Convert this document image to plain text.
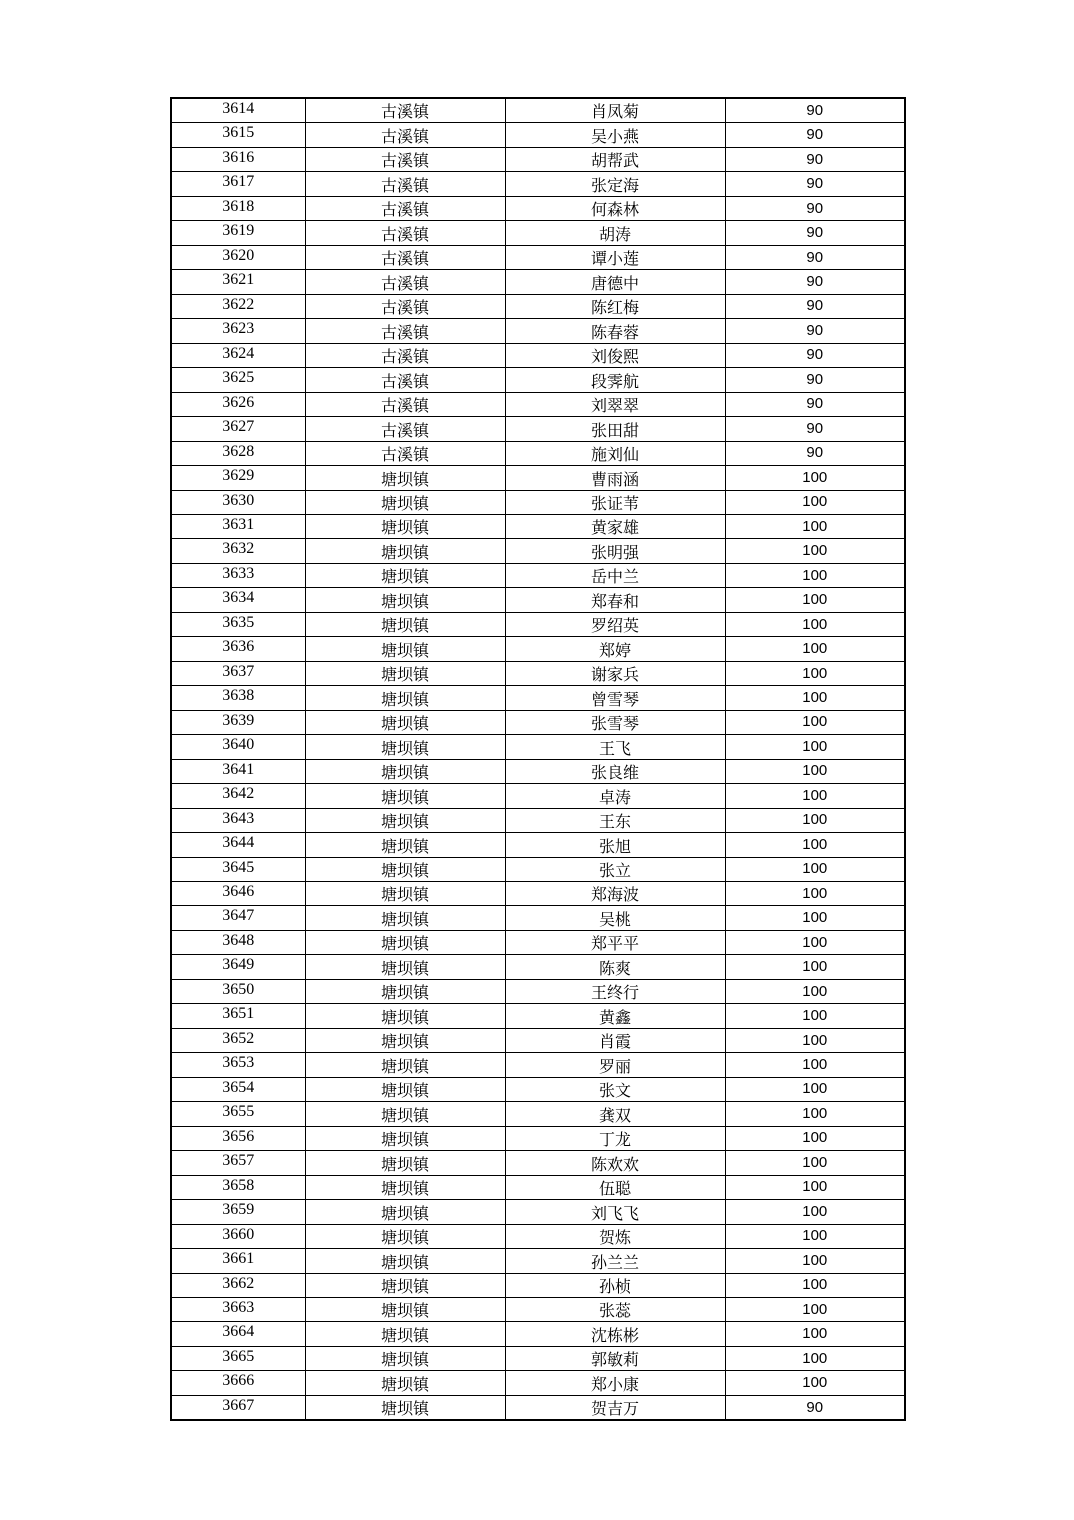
3614	古溪镇	肖凤菊	90
3615	古溪镇	吴小燕	90
3616	古溪镇	胡帮武	90
3617	古溪镇	张定海	90
3618	古溪镇	何森林	90
3619	古溪镇	胡涛	90
3620	古溪镇	谭小莲	90
3621	古溪镇	唐德中	90
3622	古溪镇	陈红梅	90
3623	古溪镇	陈春蓉	90
3624	古溪镇	刘俊熙	90
3625	古溪镇	段霁航	90
3626	古溪镇	刘翠翠	90
3627	古溪镇	张田甜	90
3628	古溪镇	施刘仙	90
3629	塘坝镇	曹雨涵	100
3630	塘坝镇	张证苇	100
3631	塘坝镇	黄家雄	100
3632	塘坝镇	张明强	100
3633	塘坝镇	岳中兰	100
3634	塘坝镇	郑春和	100
3635	塘坝镇	罗绍英	100
3636	塘坝镇	郑婷	100
3637	塘坝镇	谢家兵	100
3638	塘坝镇	曾雪琴	100
3639	塘坝镇	张雪琴	100
3640	塘坝镇	王飞	100
3641	塘坝镇	张良维	100
3642	塘坝镇	卓涛	100
3643	塘坝镇	王东	100
3644	塘坝镇	张旭	100
3645	塘坝镇	张立	100
3646	塘坝镇	郑海波	100
3647	塘坝镇	吴桃	100
3648	塘坝镇	郑平平	100
3649	塘坝镇	陈爽	100
3650	塘坝镇	王终行	100
3651	塘坝镇	黄鑫	100
3652	塘坝镇	肖霞	100
3653	塘坝镇	罗丽	100
3654	塘坝镇	张文	100
3655	塘坝镇	龚双	100
3656	塘坝镇	丁龙	100
3657	塘坝镇	陈欢欢	100
3658	塘坝镇	伍聪	100
3659	塘坝镇	刘飞飞	100
3660	塘坝镇	贺炼	100
3661	塘坝镇	孙兰兰	100
3662	塘坝镇	孙桢	100
3663	塘坝镇	张蕊	100
3664	塘坝镇	沈栋彬	100
3665	塘坝镇	郭敏莉	100
3666	塘坝镇	郑小康	100
3667	塘坝镇	贺吉万	90
